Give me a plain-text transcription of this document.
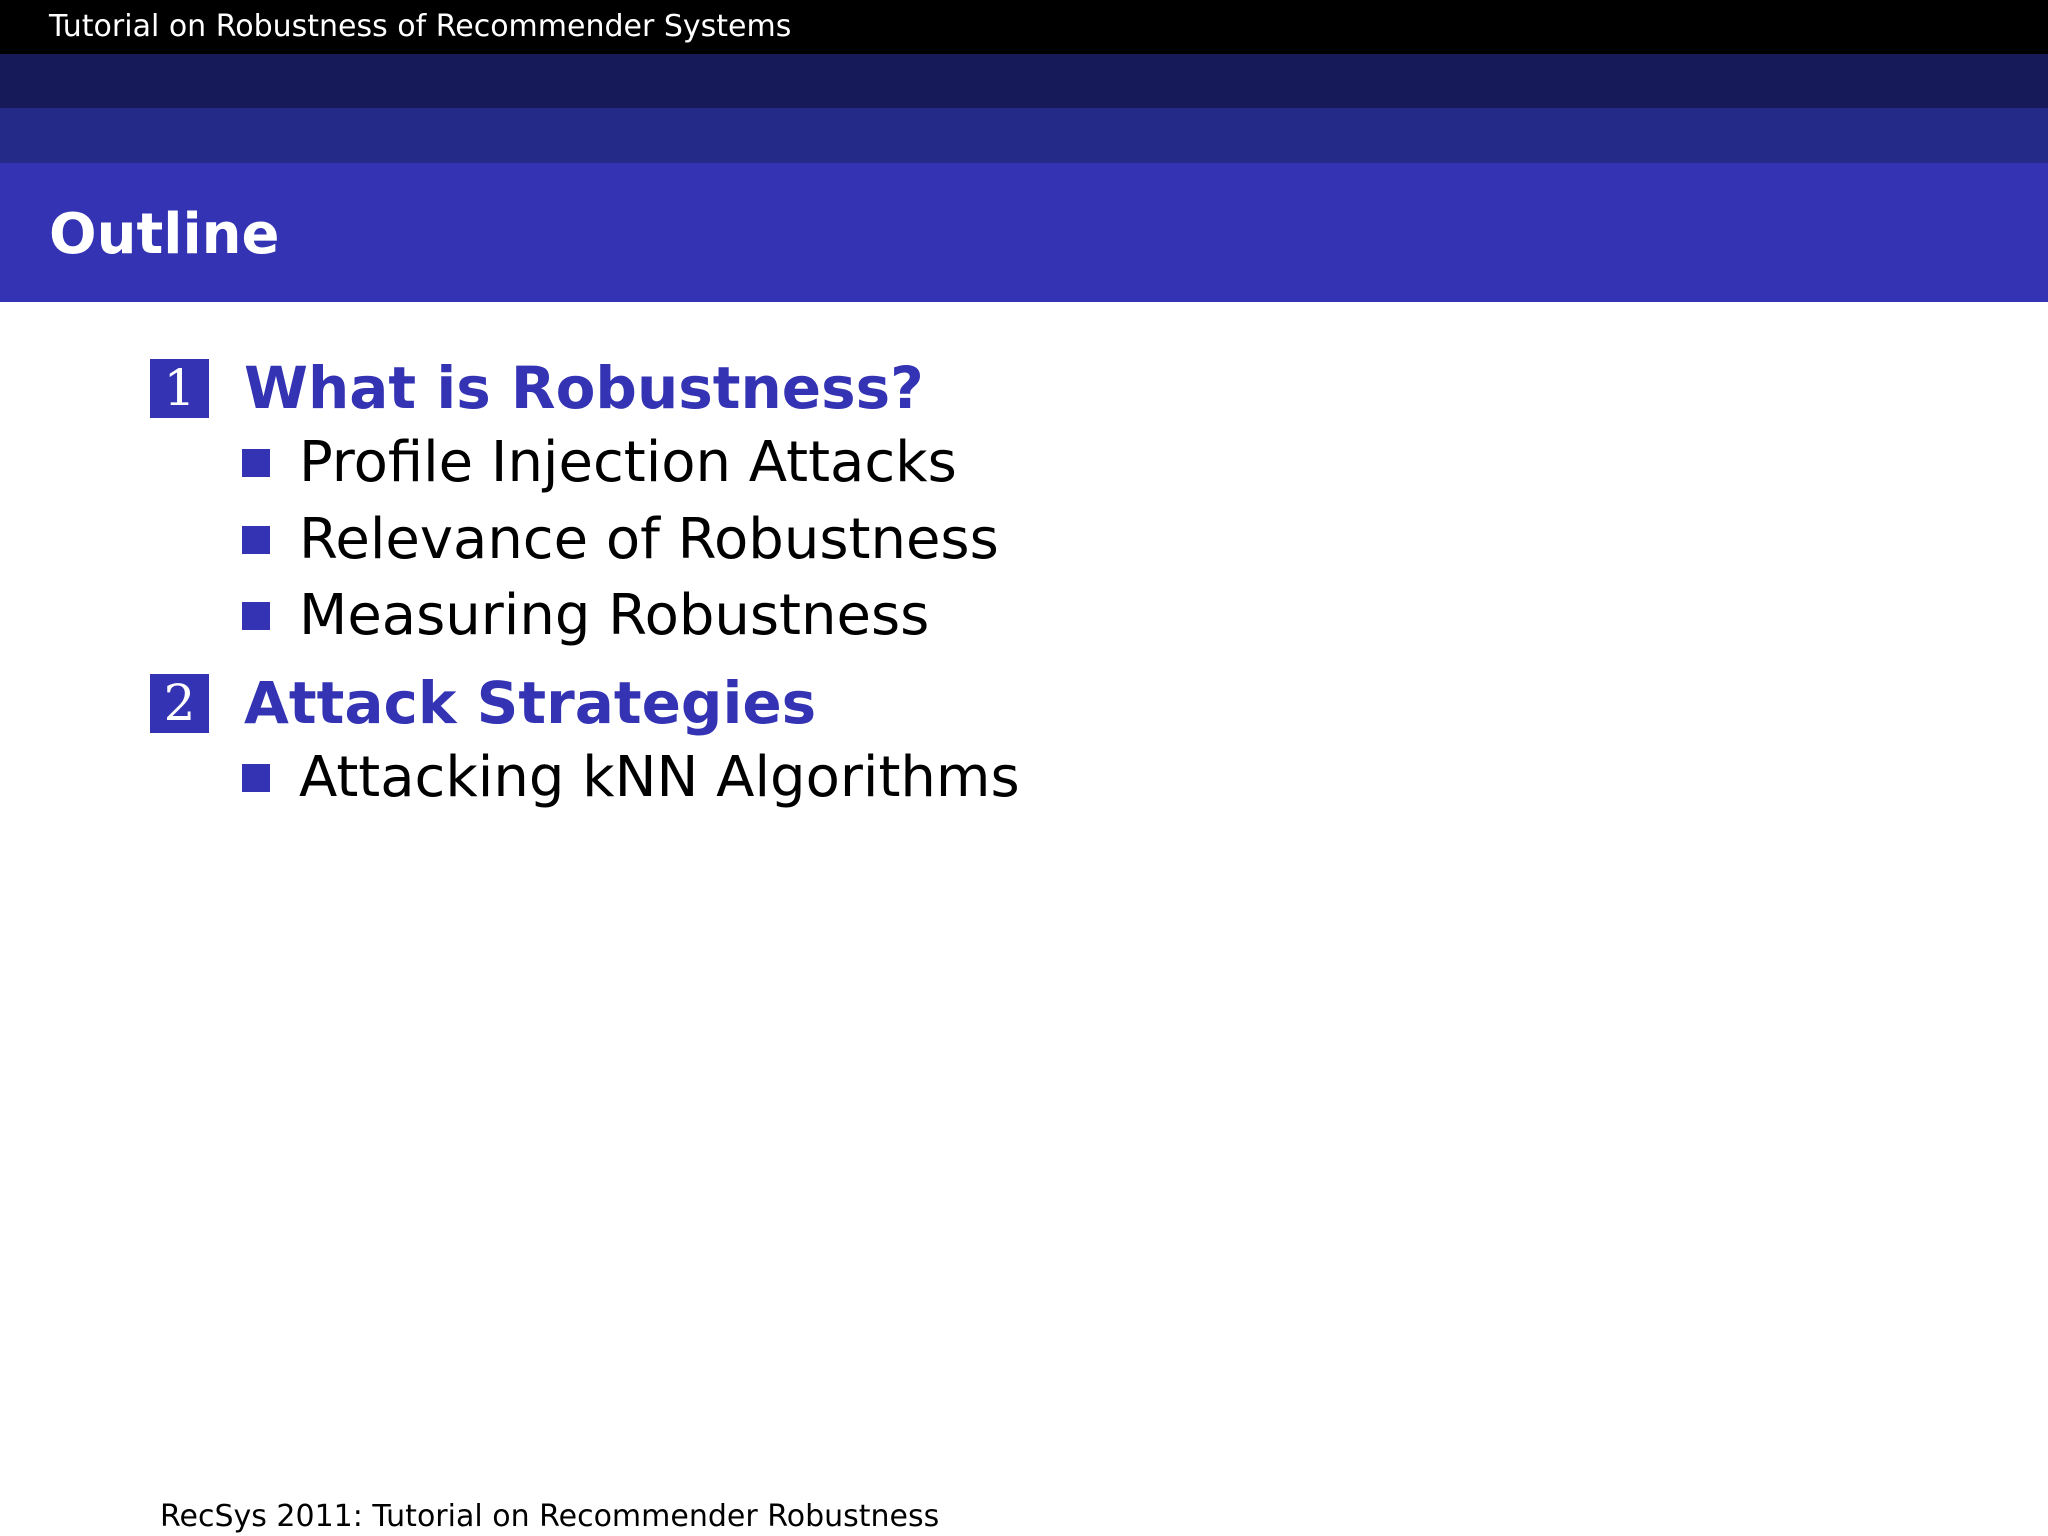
Tutorial on Robustness of Recommender Systems
Outline
1 What is Robustness?
Profile Injection Attacks
Relevance of Robustness
Measuring Robustness
2 Attack Strategies
Attacking kNN Algorithms
RecSys 2011: Tutorial on Recommender Robustness
